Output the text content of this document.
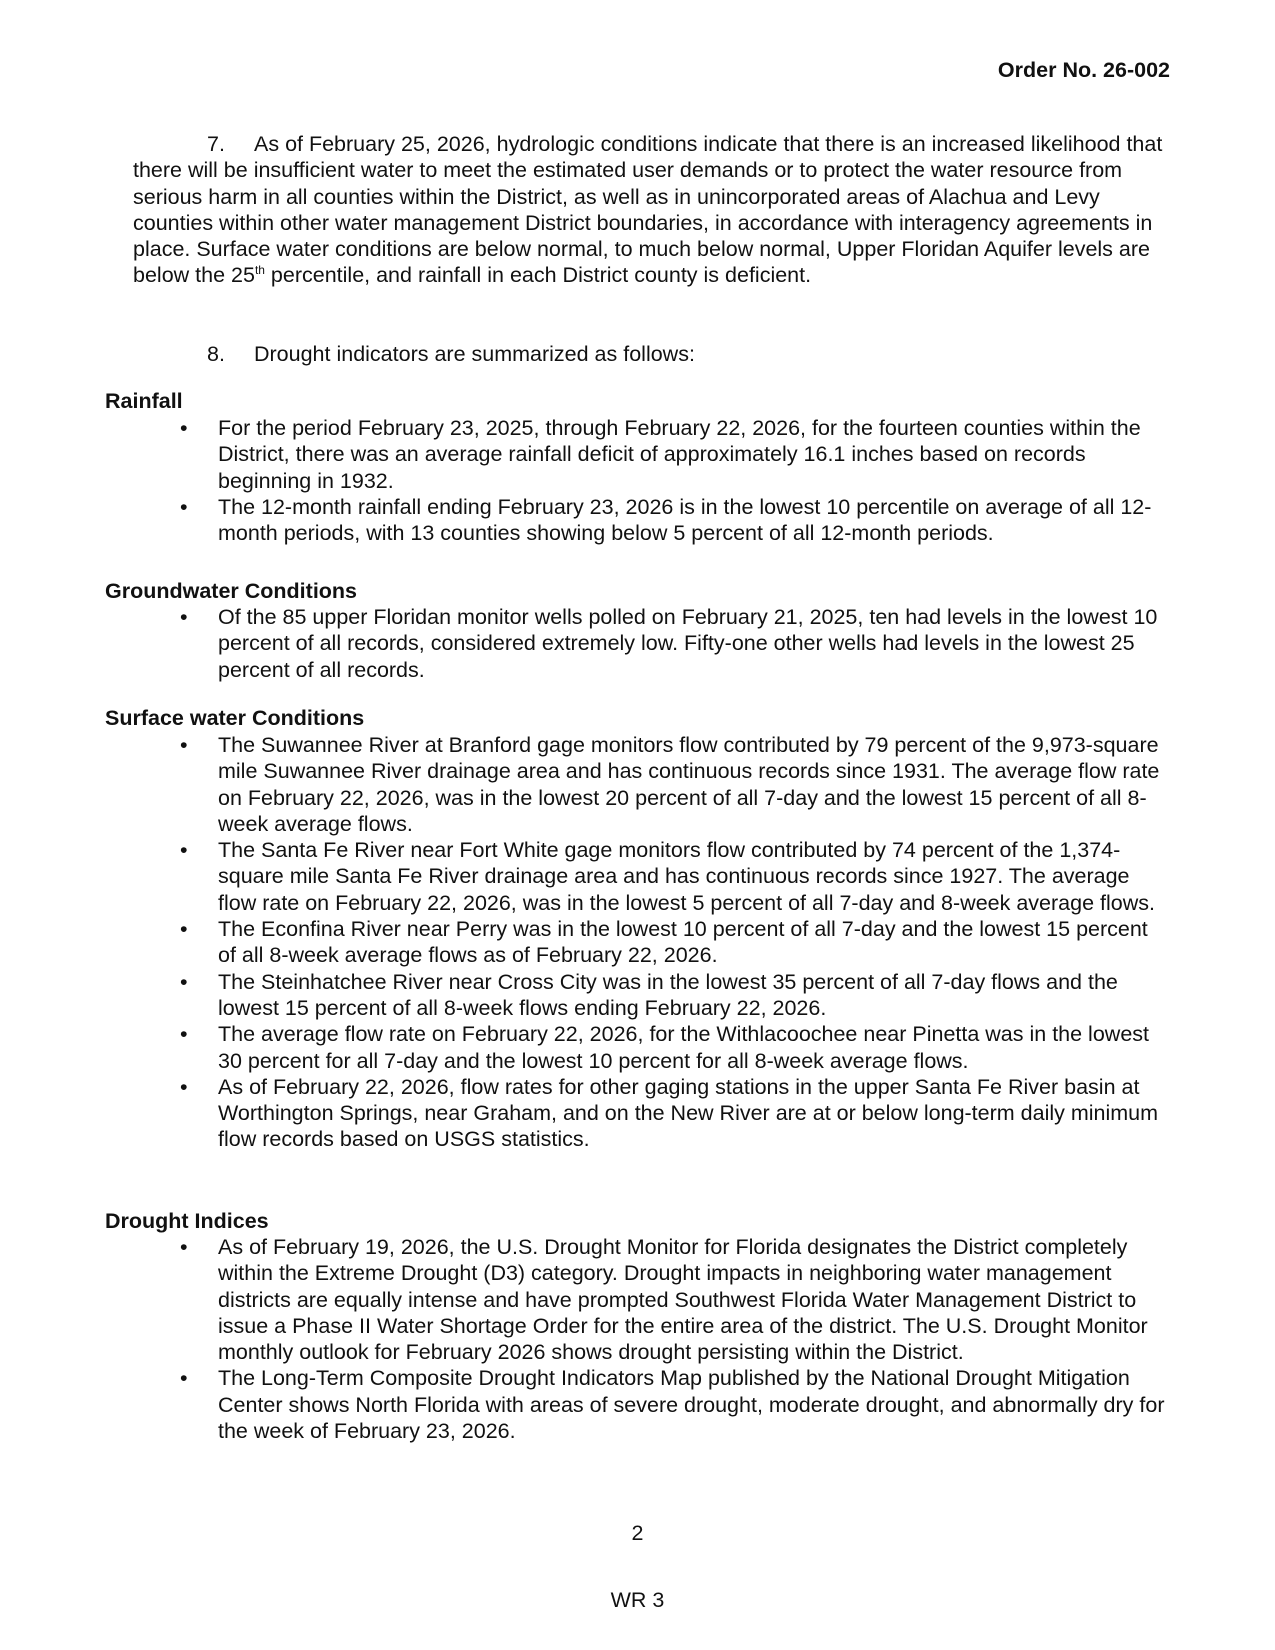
Order No. 26-002

7. As of February 25, 2026, hydrologic conditions indicate that there is an increased likelihood that there will be insufficient water to meet the estimated user demands or to protect the water resource from serious harm in all counties within the District, as well as in unincorporated areas of Alachua and Levy counties within other water management District boundaries, in accordance with interagency agreements in place. Surface water conditions are below normal, to much below normal, Upper Floridan Aquifer levels are below the 25th percentile, and rainfall in each District county is deficient.

8. Drought indicators are summarized as follows:

Rainfall
• For the period February 23, 2025, through February 22, 2026, for the fourteen counties within the District, there was an average rainfall deficit of approximately 16.1 inches based on records beginning in 1932.
• The 12-month rainfall ending February 23, 2026 is in the lowest 10 percentile on average of all 12-month periods, with 13 counties showing below 5 percent of all 12-month periods.
Groundwater Conditions
• Of the 85 upper Floridan monitor wells polled on February 21, 2025, ten had levels in the lowest 10 percent of all records, considered extremely low. Fifty-one other wells had levels in the lowest 25 percent of all records.
Surface water Conditions
• The Suwannee River at Branford gage monitors flow contributed by 79 percent of the 9,973-square mile Suwannee River drainage area and has continuous records since 1931. The average flow rate on February 22, 2026, was in the lowest 20 percent of all 7-day and the lowest 15 percent of all 8-week average flows.
• The Santa Fe River near Fort White gage monitors flow contributed by 74 percent of the 1,374-square mile Santa Fe River drainage area and has continuous records since 1927. The average flow rate on February 22, 2026, was in the lowest 5 percent of all 7-day and 8-week average flows.
• The Econfina River near Perry was in the lowest 10 percent of all 7-day and the lowest 15 percent of all 8-week average flows as of February 22, 2026.
• The Steinhatchee River near Cross City was in the lowest 35 percent of all 7-day flows and the lowest 15 percent of all 8-week flows ending February 22, 2026.
• The average flow rate on February 22, 2026, for the Withlacoochee near Pinetta was in the lowest 30 percent for all 7-day and the lowest 10 percent for all 8-week average flows.
• As of February 22, 2026, flow rates for other gaging stations in the upper Santa Fe River basin at Worthington Springs, near Graham, and on the New River are at or below long-term daily minimum flow records based on USGS statistics.
Drought Indices
• As of February 19, 2026, the U.S. Drought Monitor for Florida designates the District completely within the Extreme Drought (D3) category. Drought impacts in neighboring water management districts are equally intense and have prompted Southwest Florida Water Management District to issue a Phase II Water Shortage Order for the entire area of the district. The U.S. Drought Monitor monthly outlook for February 2026 shows drought persisting within the District.
• The Long-Term Composite Drought Indicators Map published by the National Drought Mitigation Center shows North Florida with areas of severe drought, moderate drought, and abnormally dry for the week of February 23, 2026.
2
WR 3
